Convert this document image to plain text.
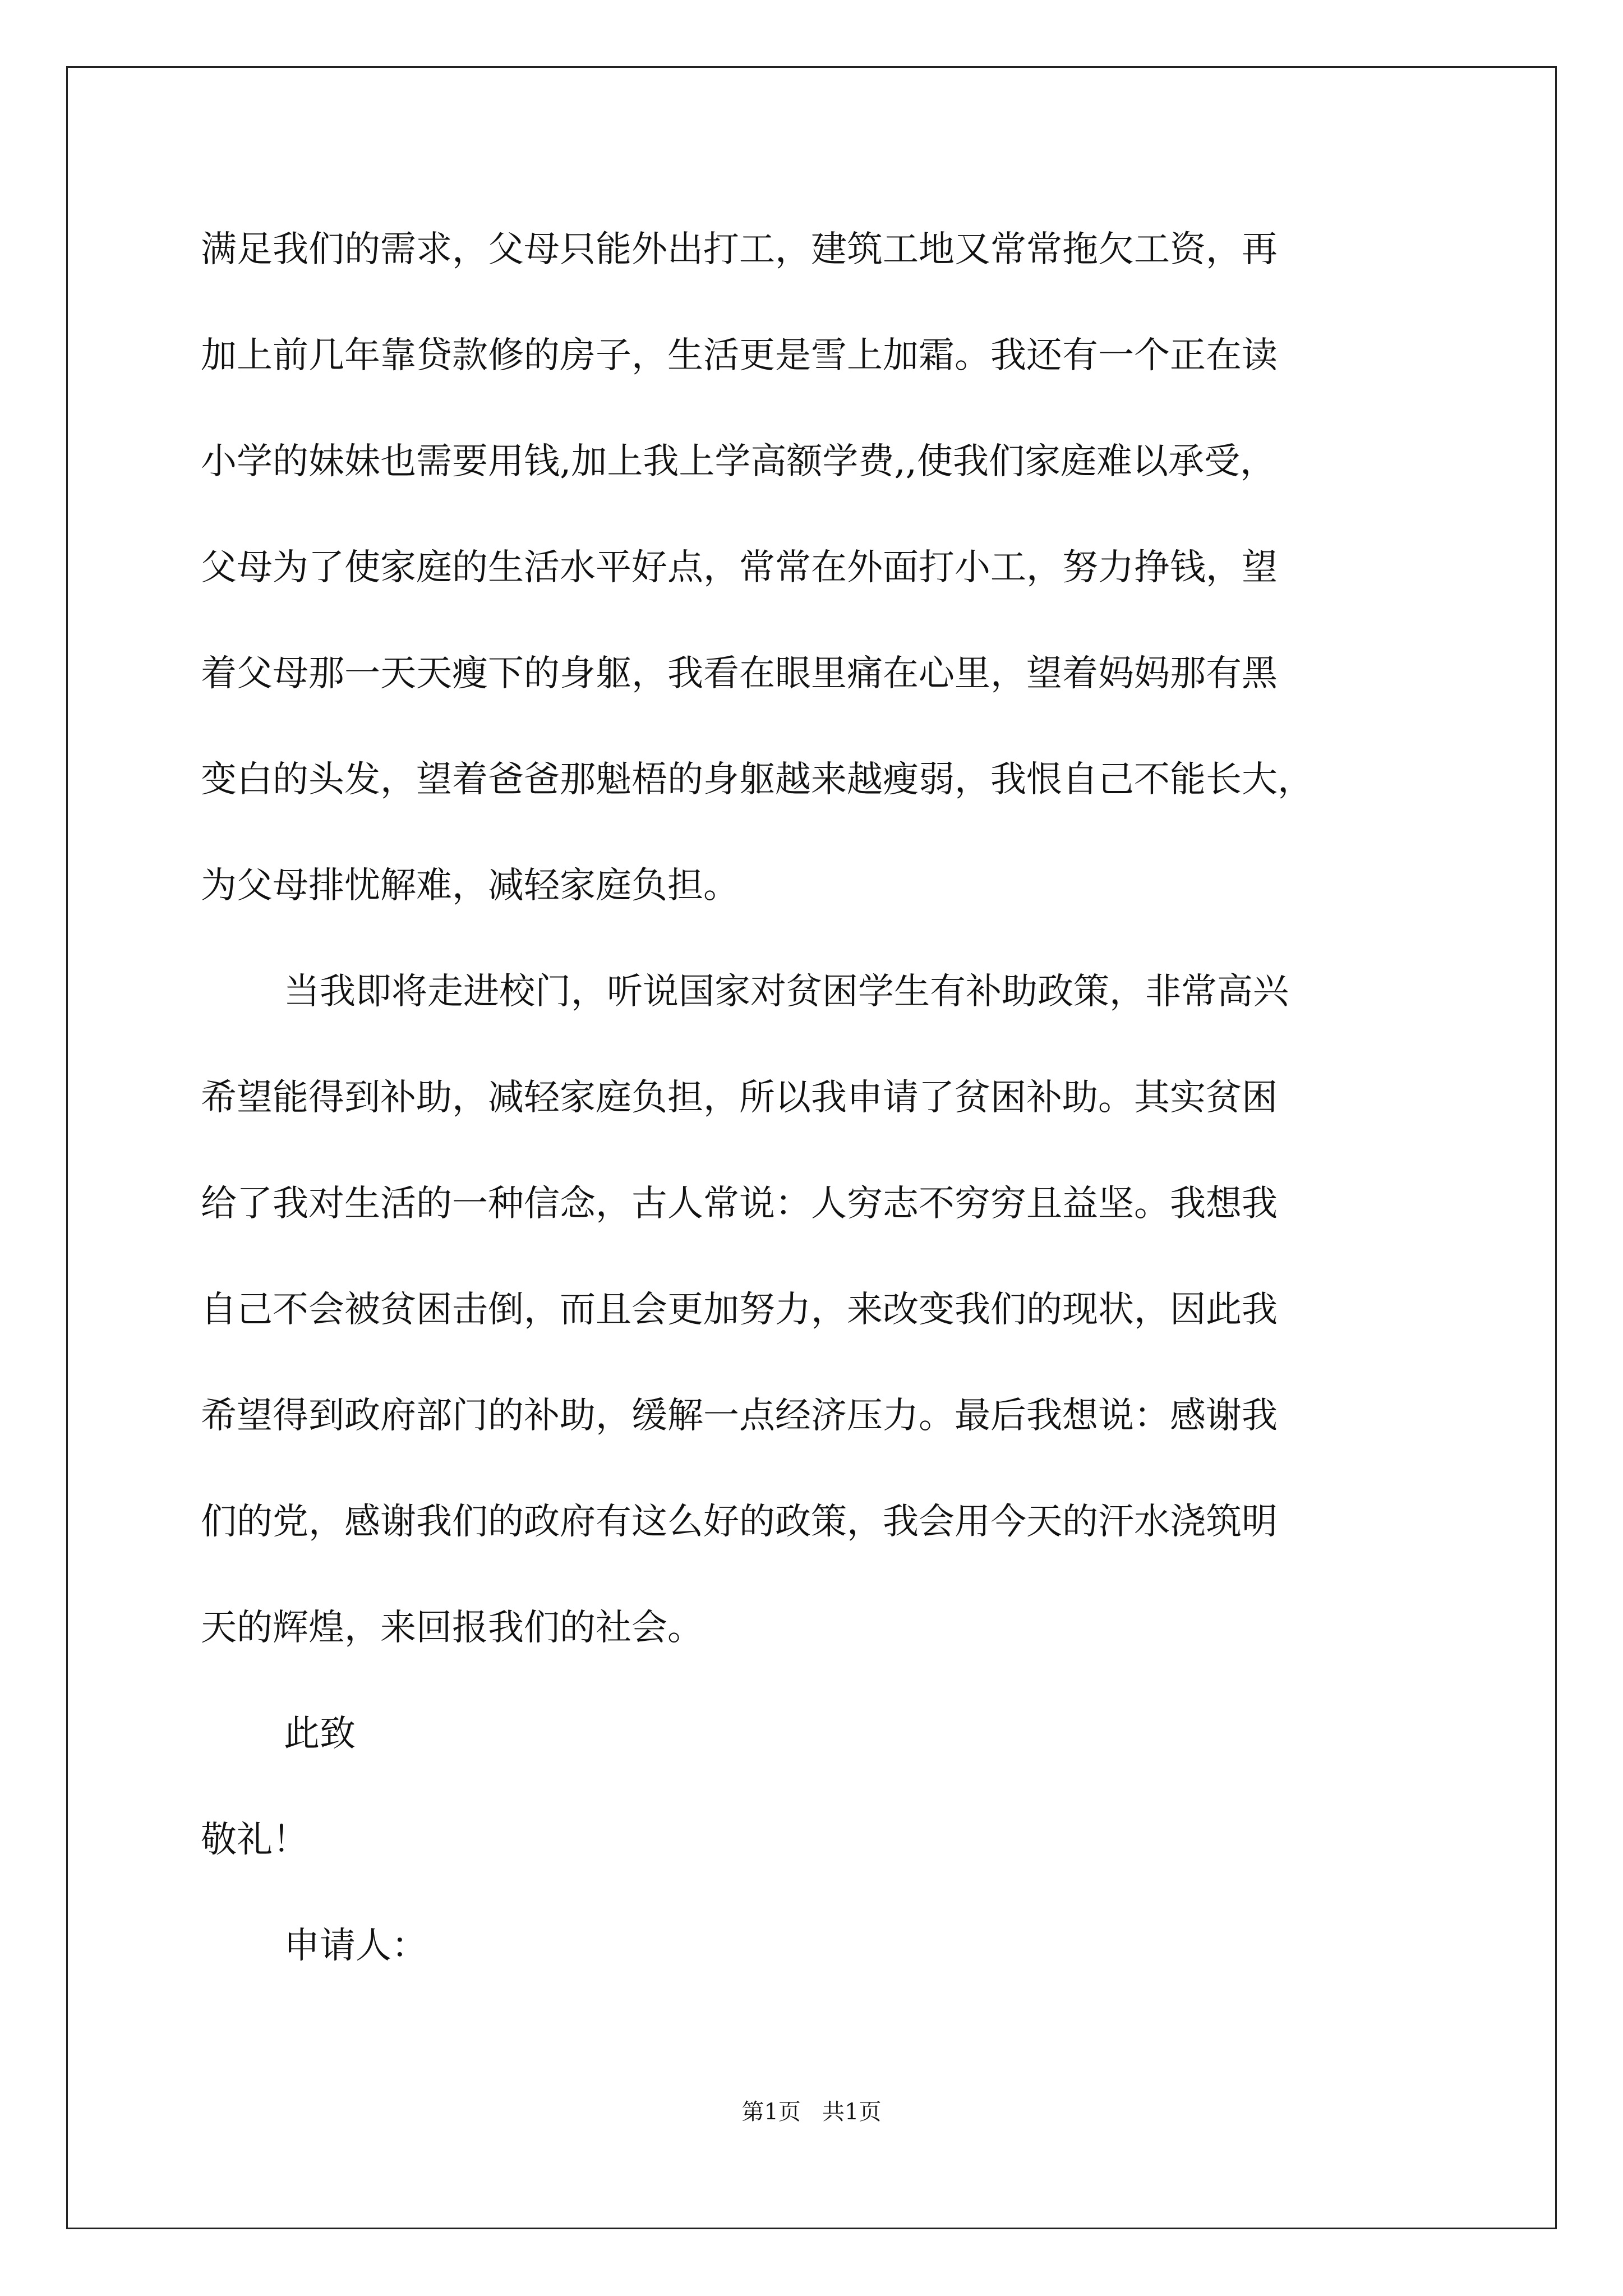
满足我们的需求，父母只能外出打工，建筑工地又常常拖欠工资，再
加上前几年靠贷款修的房子，生活更是雪上加霜。我还有一个正在读
小学的妹妹也需要用钱,加上我上学高额学费,,使我们家庭难以承受，
父母为了使家庭的生活水平好点，常常在外面打小工，努力挣钱，望
着父母那一天天瘦下的身躯，我看在眼里痛在心里，望着妈妈那有黑
变白的头发，望着爸爸那魁梧的身躯越来越瘦弱，我恨自己不能长大，
为父母排忧解难，减轻家庭负担。
当我即将走进校门，听说国家对贫困学生有补助政策，非常高兴
希望能得到补助，减轻家庭负担，所以我申请了贫困补助。其实贫困
给了我对生活的一种信念，古人常说：人穷志不穷穷且益坚。我想我
自己不会被贫困击倒，而且会更加努力，来改变我们的现状，因此我
希望得到政府部门的补助，缓解一点经济压力。最后我想说：感谢我
们的党，感谢我们的政府有这么好的政策，我会用今天的汗水浇筑明
天的辉煌，来回报我们的社会。
此致
敬礼！
申请人：
第1页   共1页
